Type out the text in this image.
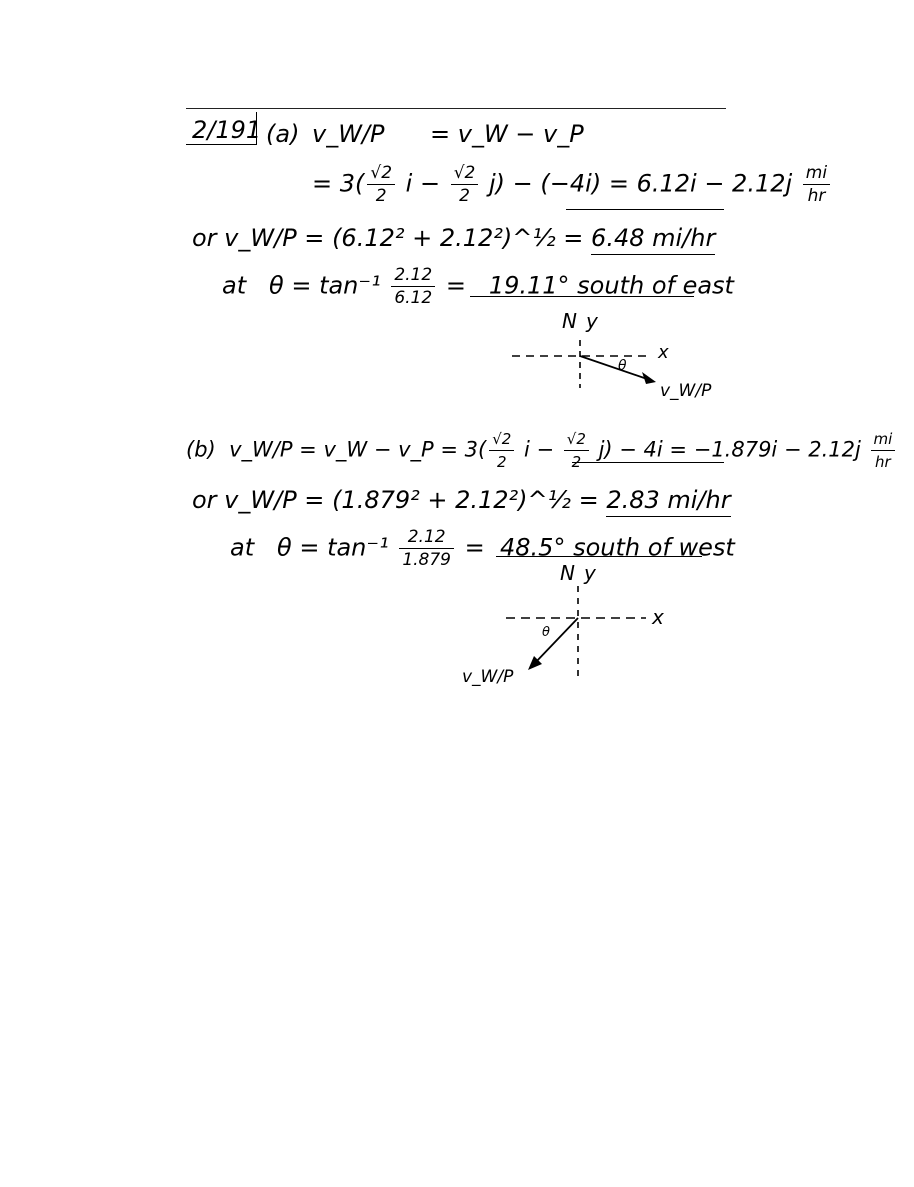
2/191 (a) v_W/P = v_W − v_P
= $3( \frac{√2}{2}$ $i - \frac{√2}{2} j) - (-4i) = 6.12i - 2.12j \frac{mi}{hr}$
or v_W/P = (6.12² + 2.12²)^½ = 6.48 mi/hr
at $\theta = \tan^{-1} \frac{2.12}{6.12} = 19.11^\circ$ south of east
N y
x
θ
v_W/P
(b) v_W/P = v_W − v_P = $3( \frac{√2}{2}$ $i - \frac{√2}{2} j) - 4i = -1.879i - 2.12j \frac{mi}{hr}$
or v_W/P = (1.879² + 2.12²)^½ = 2.83 mi/hr
at $\theta = \tan^{-1} \frac{2.12}{1.879} = 48.5^\circ$ south of west
N y
x
θ
v_W/P
